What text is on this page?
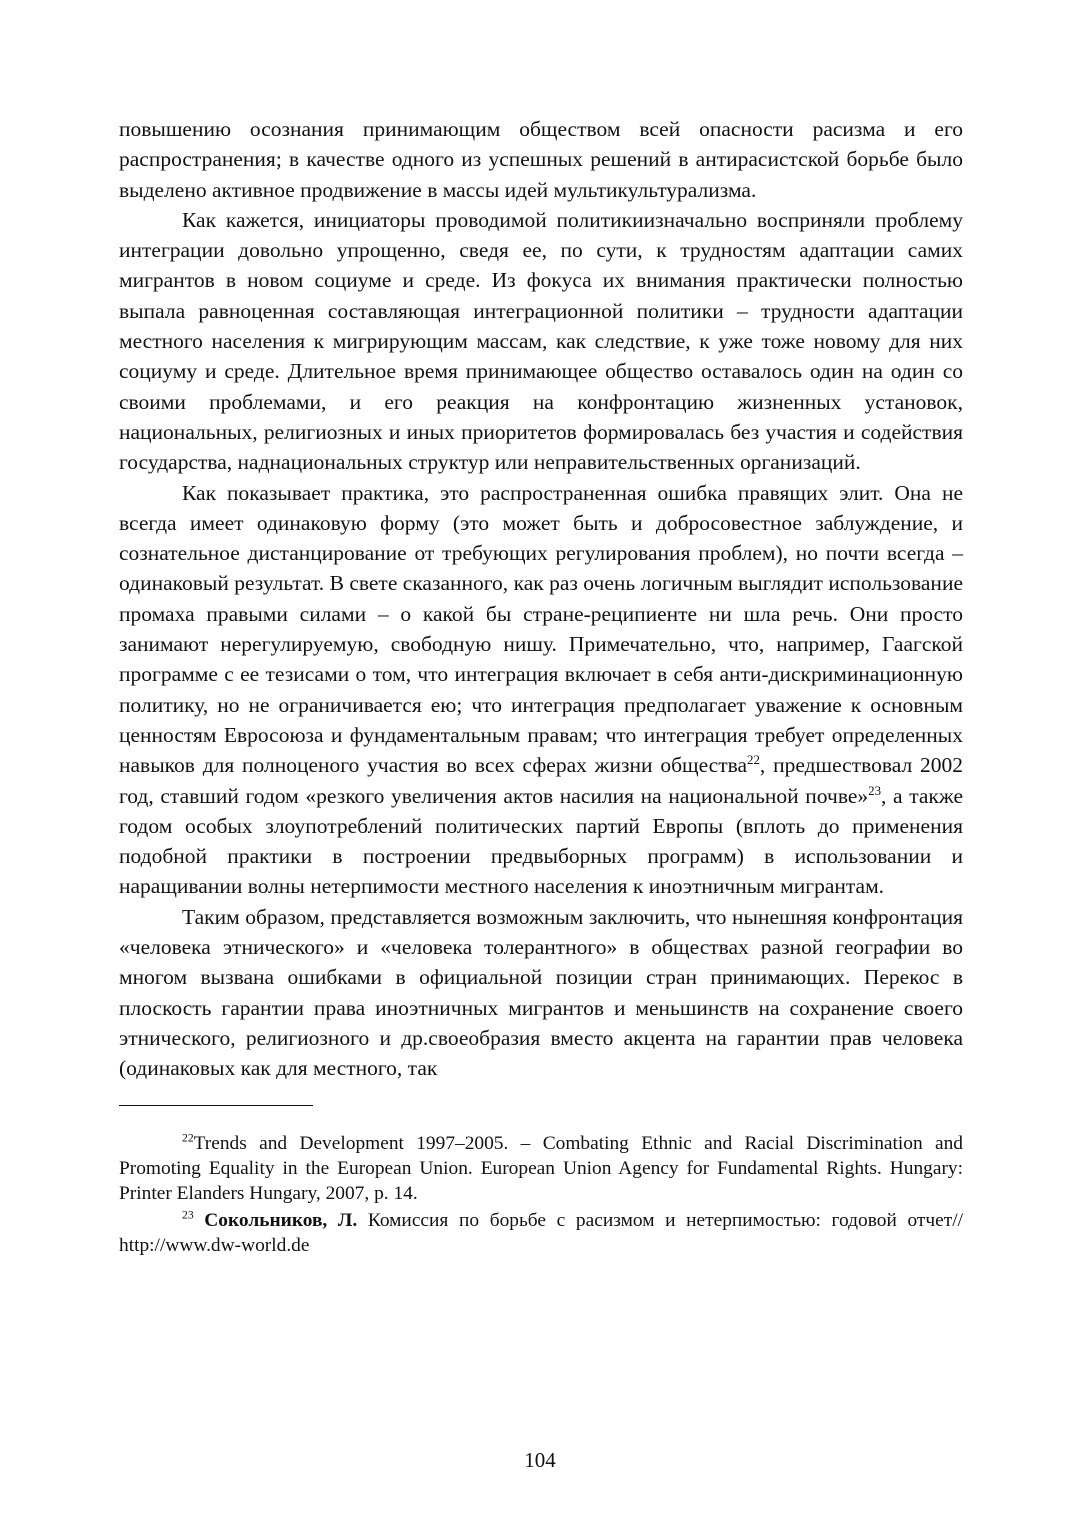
повышению осознания принимающим обществом всей опасности расизма и его распространения; в качестве одного из успешных решений в антирасистской борьбе было выделено активное продвижение в массы идей мультикультурализма.

Как кажется, инициаторы проводимой политикиизначально восприняли проблему интеграции довольно упрощенно, сведя ее, по сути, к трудностям адаптации самих мигрантов в новом социуме и среде. Из фокуса их внимания практически полностью выпала равноценная составляющая интеграционной политики – трудности адаптации местного населения к мигрирующим массам, как следствие, к уже тоже новому для них социуму и среде. Длительное время принимающее общество оставалось один на один со своими проблемами, и его реакция на конфронтацию жизненных установок, национальных, религиозных и иных приоритетов формировалась без участия и содействия государства, наднациональных структур или неправительственных организаций.

Как показывает практика, это распространенная ошибка правящих элит. Она не всегда имеет одинаковую форму (это может быть и добросовестное заблуждение, и сознательное дистанцирование от требующих регулирования проблем), но почти всегда – одинаковый результат. В свете сказанного, как раз очень логичным выглядит использование промаха правыми силами – о какой бы стране-реципиенте ни шла речь. Они просто занимают нерегулируемую, свободную нишу. Примечательно, что, например, Гаагской программе с ее тезисами о том, что интеграция включает в себя анти-дискриминационную политику, но не ограничивается ею; что интеграция предполагает уважение к основным ценностям Евросоюза и фундаментальным правам; что интеграция требует определенных навыков для полноценого участия во всех сферах жизни общества$^{22}$, предшествовал 2002 год, ставший годом «резкого увеличения актов насилия на национальной почве»$^{23}$, а также годом особых злоупотреблений политических партий Европы (вплоть до применения подобной практики в построении предвыборных программ) в использовании и наращивании волны нетерпимости местного населения к иноэтничным мигрантам.

Таким образом, представляется возможным заключить, что нынешняя конфронтация «человека этнического» и «человека толерантного» в обществах разной географии во многом вызвана ошибками в официальной позиции стран принимающих. Перекос в плоскость гарантии права иноэтничных мигрантов и меньшинств на сохранение своего этнического, религиозного и др.своеобразия вместо акцента на гарантии прав человека (одинаковых как для местного, так

$^{22}$Trends and Development 1997–2005. – Combating Ethnic and Racial Discrimination and Promoting Equality in the European Union. European Union Agency for Fundamental Rights. Hungary: Printer Elanders Hungary, 2007, p. 14.

$^{23}$ Сокольников, Л. Комиссия по борьбе с расизмом и нетерпимостью: годовой отчет// http://www.dw-world.de

104
